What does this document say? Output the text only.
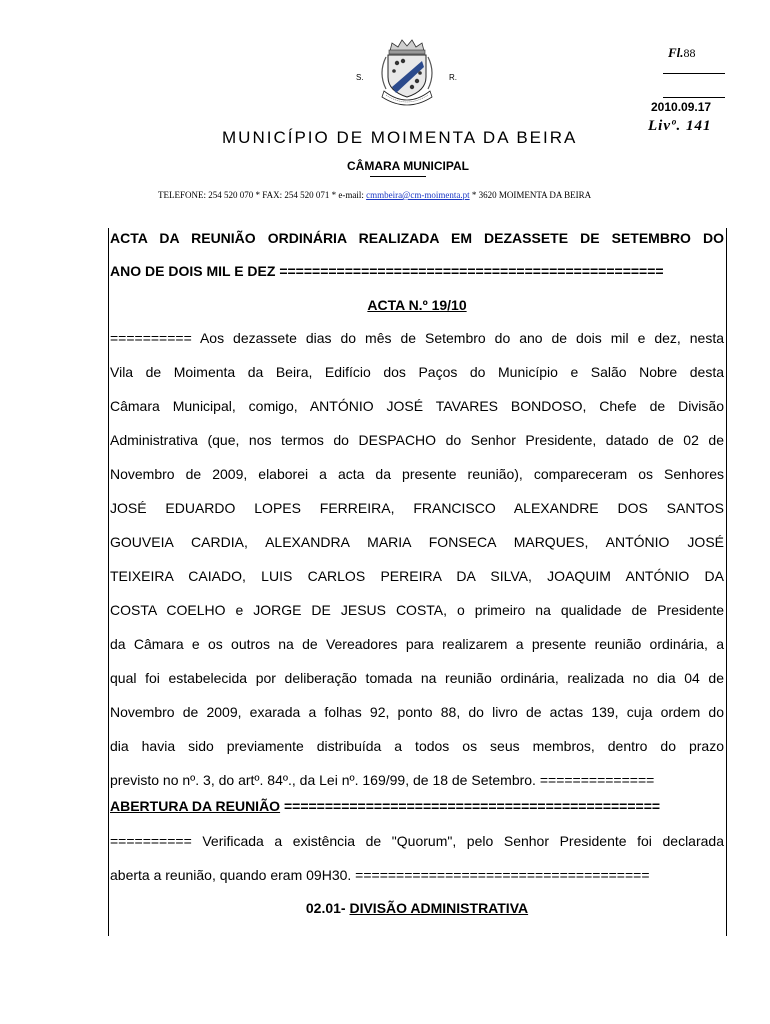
S.	R.
Fl.88
2010.09.17
Livº. 141
MUNICÍPIO DE MOIMENTA DA BEIRA
CÂMARA MUNICIPAL
TELEFONE: 254 520 070 * FAX: 254 520 071 * e-mail: cmmbeira@cm-moimenta.pt * 3620 MOIMENTA DA BEIRA
ACTA DA REUNIÃO ORDINÁRIA REALIZADA EM DEZASSETE DE SETEMBRO DO
ANO DE DOIS MIL E DEZ ===============================================
ACTA N.º 19/10
========== Aos dezassete dias do mês de Setembro do ano de dois mil e dez, nesta
Vila de Moimenta da Beira, Edifício dos Paços do Município e Salão Nobre desta
Câmara Municipal, comigo, ANTÓNIO JOSÉ TAVARES BONDOSO, Chefe de Divisão
Administrativa (que, nos termos do DESPACHO do Senhor Presidente, datado de 02 de
Novembro de 2009, elaborei a acta da presente reunião), compareceram os Senhores
JOSÉ EDUARDO LOPES FERREIRA, FRANCISCO ALEXANDRE DOS SANTOS
GOUVEIA CARDIA, ALEXANDRA MARIA FONSECA MARQUES, ANTÓNIO JOSÉ
TEIXEIRA CAIADO, LUIS CARLOS PEREIRA DA SILVA, JOAQUIM ANTÓNIO DA
COSTA COELHO e JORGE DE JESUS COSTA, o primeiro na qualidade de Presidente
da Câmara e os outros na de Vereadores para realizarem a presente reunião ordinária, a
qual foi estabelecida por deliberação tomada na reunião ordinária, realizada no dia 04 de
Novembro de 2009, exarada a folhas 92, ponto 88, do livro de actas 139, cuja ordem do
dia havia sido previamente distribuída a todos os seus membros, dentro do prazo
previsto no nº. 3, do artº. 84º., da Lei nº. 169/99, de 18 de Setembro. ==============
ABERTURA DA REUNIÃO ==============================================
========== Verificada a existência de "Quorum", pelo Senhor Presidente foi declarada
aberta a reunião, quando eram 09H30. ====================================
02.01- DIVISÃO ADMINISTRATIVA
